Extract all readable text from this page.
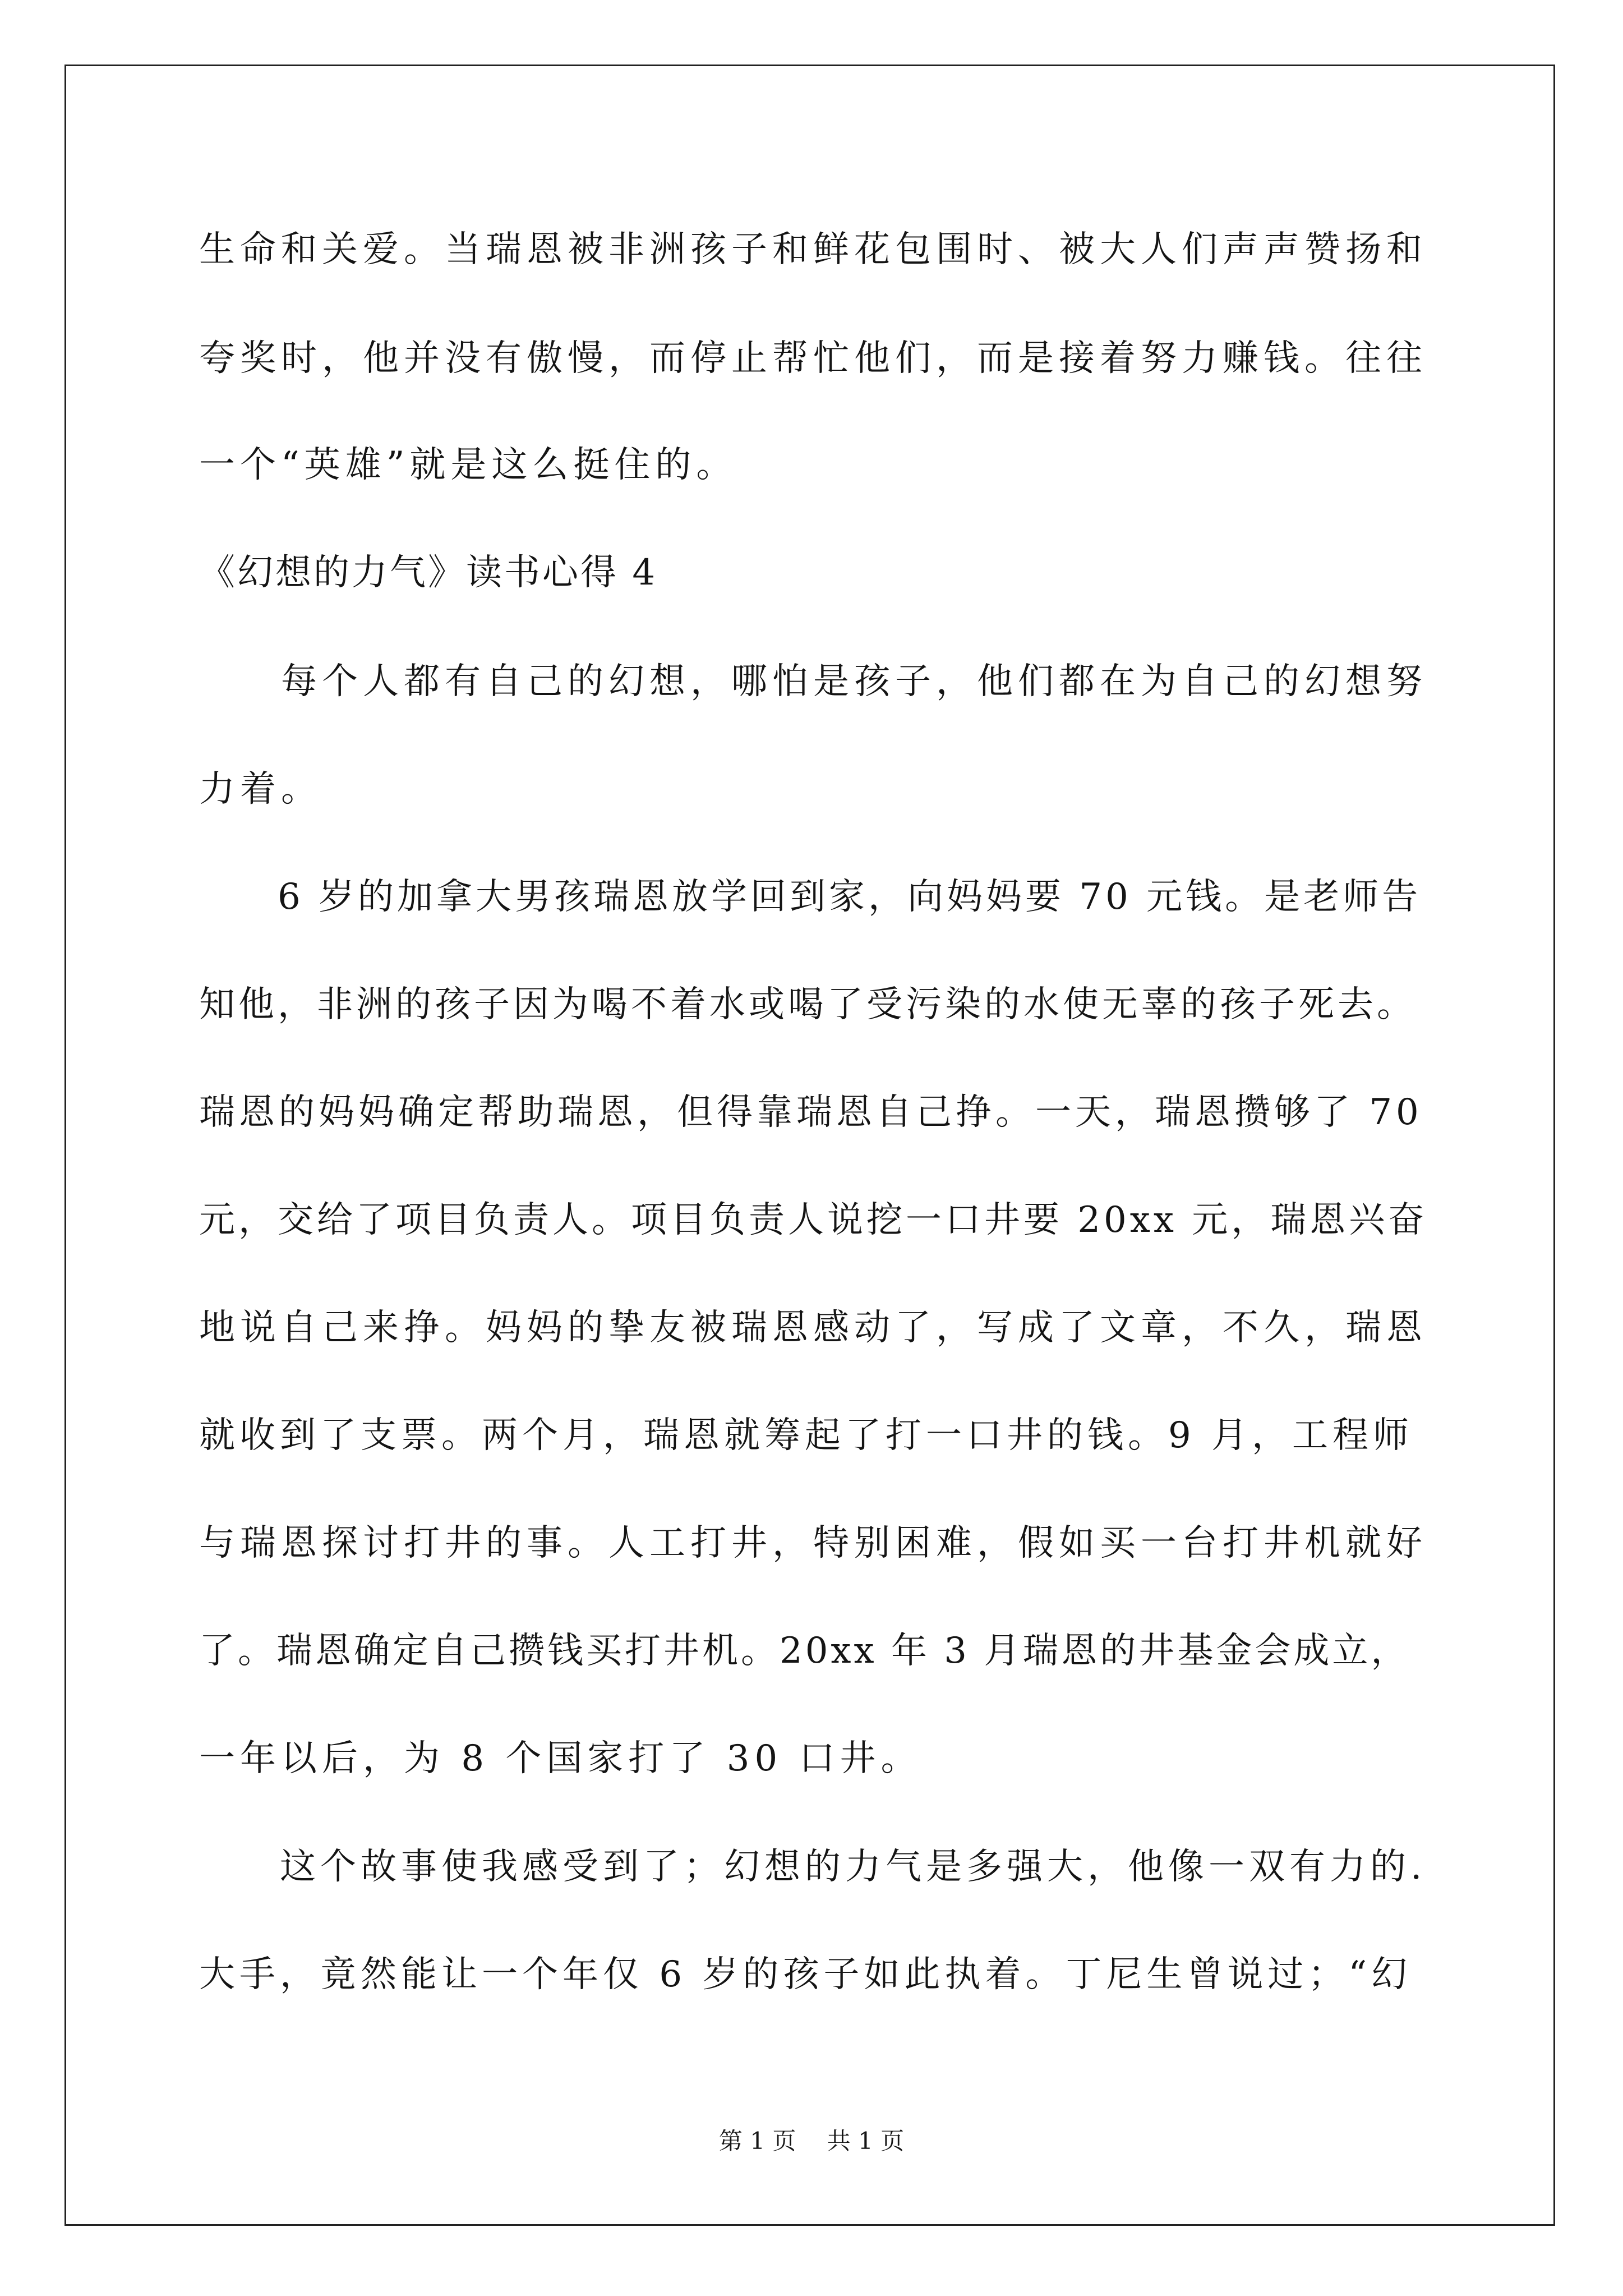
生命和关爱。当瑞恩被非洲孩子和鲜花包围时、被大人们声声赞扬和
夸奖时，他并没有傲慢，而停止帮忙他们，而是接着努力赚钱。往往
一个“英雄”就是这么挺住的。
《幻想的力气》读书心得 4
　　每个人都有自己的幻想，哪怕是孩子，他们都在为自己的幻想努
力着。
　　6 岁的加拿大男孩瑞恩放学回到家，向妈妈要 70 元钱。是老师告
知他，非洲的孩子因为喝不着水或喝了受污染的水使无辜的孩子死去。
瑞恩的妈妈确定帮助瑞恩，但得靠瑞恩自己挣。一天，瑞恩攒够了 70
元，交给了项目负责人。项目负责人说挖一口井要 20xx 元，瑞恩兴奋
地说自己来挣。妈妈的挚友被瑞恩感动了，写成了文章，不久，瑞恩
就收到了支票。两个月，瑞恩就筹起了打一口井的钱。9 月，工程师
与瑞恩探讨打井的事。人工打井，特别困难，假如买一台打井机就好
了。瑞恩确定自己攒钱买打井机。20xx 年 3 月瑞恩的井基金会成立，
一年以后，为 8 个国家打了 30 口井。
　　这个故事使我感受到了；幻想的力气是多强大，他像一双有力的.
大手，竟然能让一个年仅 6 岁的孩子如此执着。丁尼生曾说过；“幻
第 1 页　 共 1 页
